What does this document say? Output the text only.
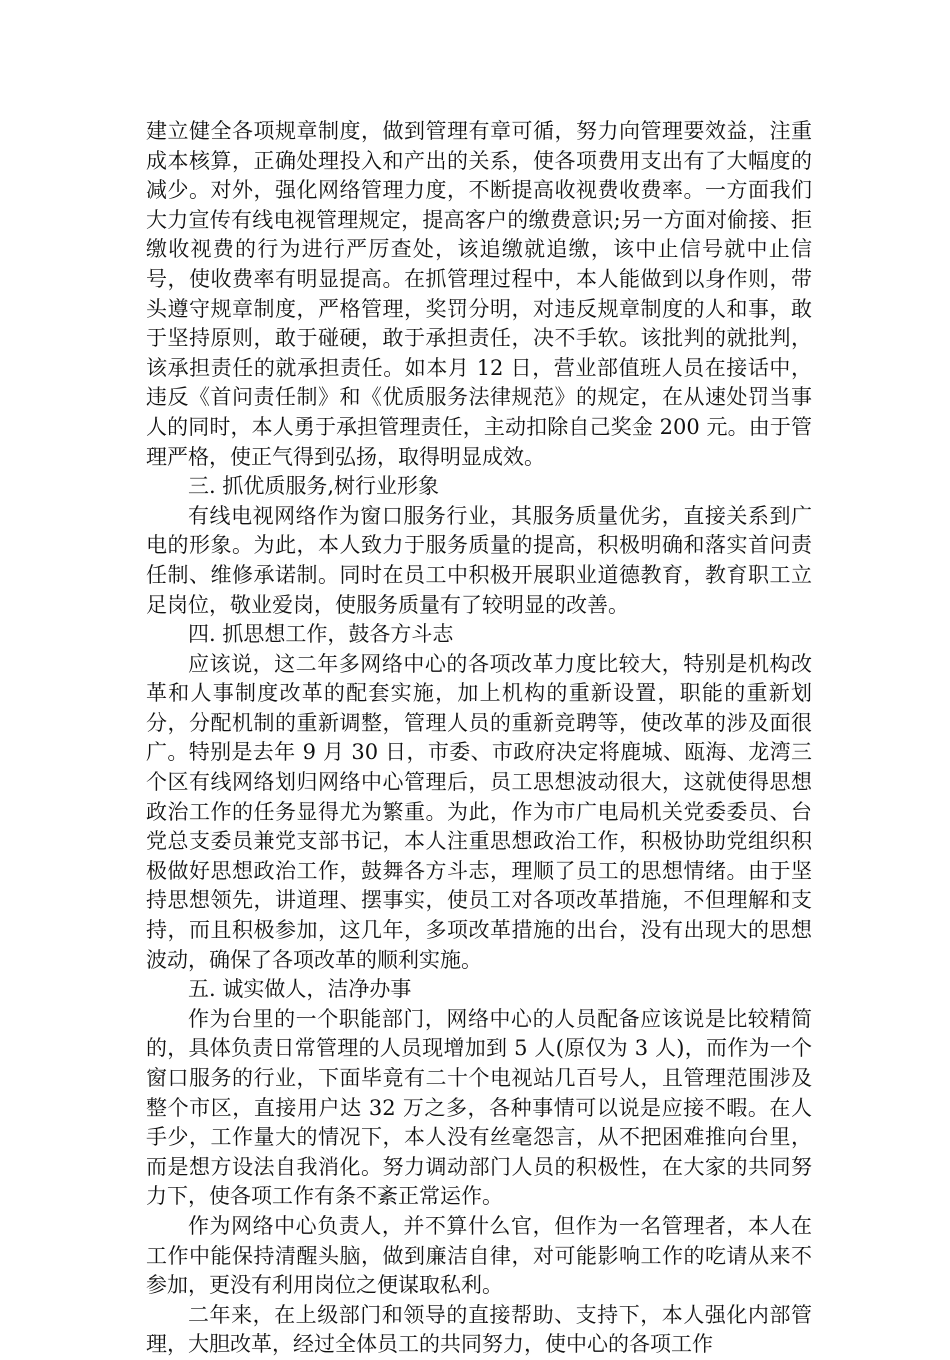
建立健全各项规章制度，做到管理有章可循，努力向管理要效益，注重成本核算，正确处理投入和产出的关系，使各项费用支出有了大幅度的减少。对外，强化网络管理力度，不断提高收视费收费率。一方面我们大力宣传有线电视管理规定，提高客户的缴费意识;另一方面对偷接、拒缴收视费的行为进行严厉查处，该追缴就追缴，该中止信号就中止信号，使收费率有明显提高。在抓管理过程中，本人能做到以身作则，带头遵守规章制度，严格管理，奖罚分明，对违反规章制度的人和事，敢于坚持原则，敢于碰硬，敢于承担责任，决不手软。该批判的就批判，该承担责任的就承担责任。如本月 12 日，营业部值班人员在接话中，违反《首问责任制》和《优质服务法律规范》的规定，在从速处罚当事人的同时，本人勇于承担管理责任，主动扣除自己奖金 200 元。由于管理严格，使正气得到弘扬，取得明显成效。

三. 抓优质服务,树行业形象

有线电视网络作为窗口服务行业，其服务质量优劣，直接关系到广电的形象。为此，本人致力于服务质量的提高，积极明确和落实首问责任制、维修承诺制。同时在员工中积极开展职业道德教育，教育职工立足岗位，敬业爱岗，使服务质量有了较明显的改善。

四. 抓思想工作，鼓各方斗志

应该说，这二年多网络中心的各项改革力度比较大，特别是机构改革和人事制度改革的配套实施，加上机构的重新设置，职能的重新划分，分配机制的重新调整，管理人员的重新竞聘等，使改革的涉及面很广。特别是去年 9 月 30 日，市委、市政府决定将鹿城、瓯海、龙湾三个区有线网络划归网络中心管理后，员工思想波动很大，这就使得思想政治工作的任务显得尤为繁重。为此，作为市广电局机关党委委员、台党总支委员兼党支部书记，本人注重思想政治工作，积极协助党组织积极做好思想政治工作，鼓舞各方斗志，理顺了员工的思想情绪。由于坚持思想领先，讲道理、摆事实，使员工对各项改革措施，不但理解和支持，而且积极参加，这几年，多项改革措施的出台，没有出现大的思想波动，确保了各项改革的顺利实施。

五. 诚实做人，洁净办事

作为台里的一个职能部门，网络中心的人员配备应该说是比较精简的，具体负责日常管理的人员现增加到 5 人(原仅为 3 人)，而作为一个窗口服务的行业，下面毕竟有二十个电视站几百号人，且管理范围涉及整个市区，直接用户达 32 万之多，各种事情可以说是应接不暇。在人手少，工作量大的情况下，本人没有丝毫怨言，从不把困难推向台里，而是想方设法自我消化。努力调动部门人员的积极性，在大家的共同努力下，使各项工作有条不紊正常运作。

作为网络中心负责人，并不算什么官，但作为一名管理者，本人在工作中能保持清醒头脑，做到廉洁自律，对可能影响工作的吃请从来不参加，更没有利用岗位之便谋取私利。

二年来，在上级部门和领导的直接帮助、支持下，本人强化内部管理，大胆改革，经过全体员工的共同努力，使中心的各项工作
